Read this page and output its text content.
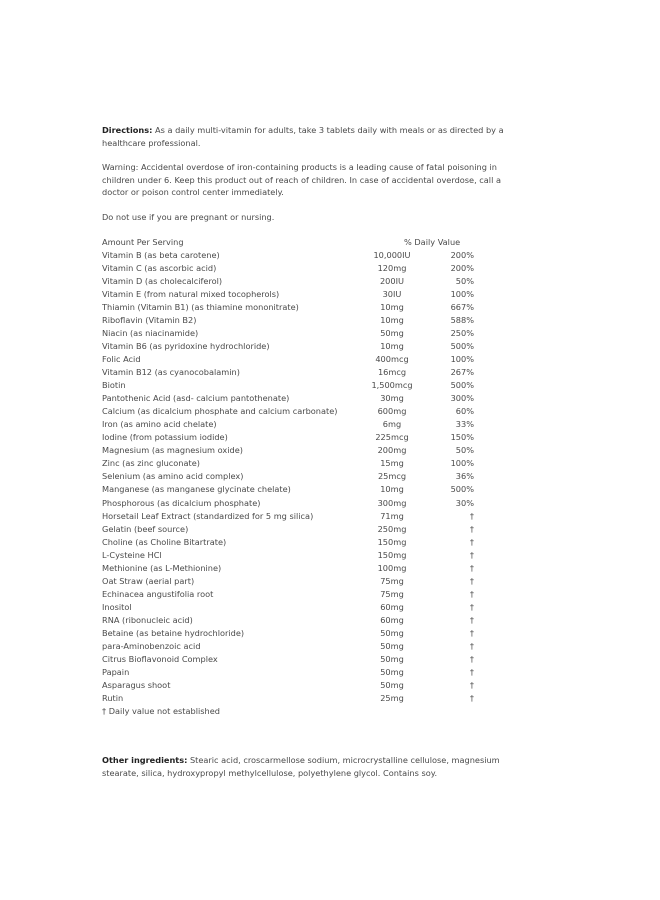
Directions: As a daily multi-vitamin for adults, take 3 tablets daily with meals or as directed by a healthcare professional.

Warning: Accidental overdose of iron-containing products is a leading cause of fatal poisoning in children under 6. Keep this product out of reach of children. In case of accidental overdose, call a doctor or poison control center immediately.

Do not use if you are pregnant or nursing.

Amount Per Serving	% Daily Value
Vitamin B (as beta carotene)	10,000IU	200%
Vitamin C (as ascorbic acid)	120mg	200%
Vitamin D (as cholecalciferol)	200IU	50%
Vitamin E (from natural mixed tocopherols)	30IU	100%
Thiamin (Vitamin B1) (as thiamine mononitrate)	10mg	667%
Riboflavin (Vitamin B2)	10mg	588%
Niacin (as niacinamide)	50mg	250%
Vitamin B6 (as pyridoxine hydrochloride)	10mg	500%
Folic Acid	400mcg	100%
Vitamin B12 (as cyanocobalamin)	16mcg	267%
Biotin	1,500mcg	500%
Pantothenic Acid (asd- calcium pantothenate)	30mg	300%
Calcium (as dicalcium phosphate and calcium carbonate)	600mg	60%
Iron (as amino acid chelate)	6mg	33%
Iodine (from potassium iodide)	225mcg	150%
Magnesium (as magnesium oxide)	200mg	50%
Zinc (as zinc gluconate)	15mg	100%
Selenium (as amino acid complex)	25mcg	36%
Manganese (as manganese glycinate chelate)	10mg	500%
Phosphorous (as dicalcium phosphate)	300mg	30%
Horsetail Leaf Extract (standardized for 5 mg silica)	71mg	†
Gelatin (beef source)	250mg	†
Choline (as Choline Bitartrate)	150mg	†
L-Cysteine HCl	150mg	†
Methionine (as L-Methionine)	100mg	†
Oat Straw (aerial part)	75mg	†
Echinacea angustifolia root	75mg	†
Inositol	60mg	†
RNA (ribonucleic acid)	60mg	†
Betaine (as betaine hydrochloride)	50mg	†
para-Aminobenzoic acid	50mg	†
Citrus Bioflavonoid Complex	50mg	†
Papain	50mg	†
Asparagus shoot	50mg	†
Rutin	25mg	†
† Daily value not established

Other ingredients: Stearic acid, croscarmellose sodium, microcrystalline cellulose, magnesium stearate, silica, hydroxypropyl methylcellulose, polyethylene glycol. Contains soy.
